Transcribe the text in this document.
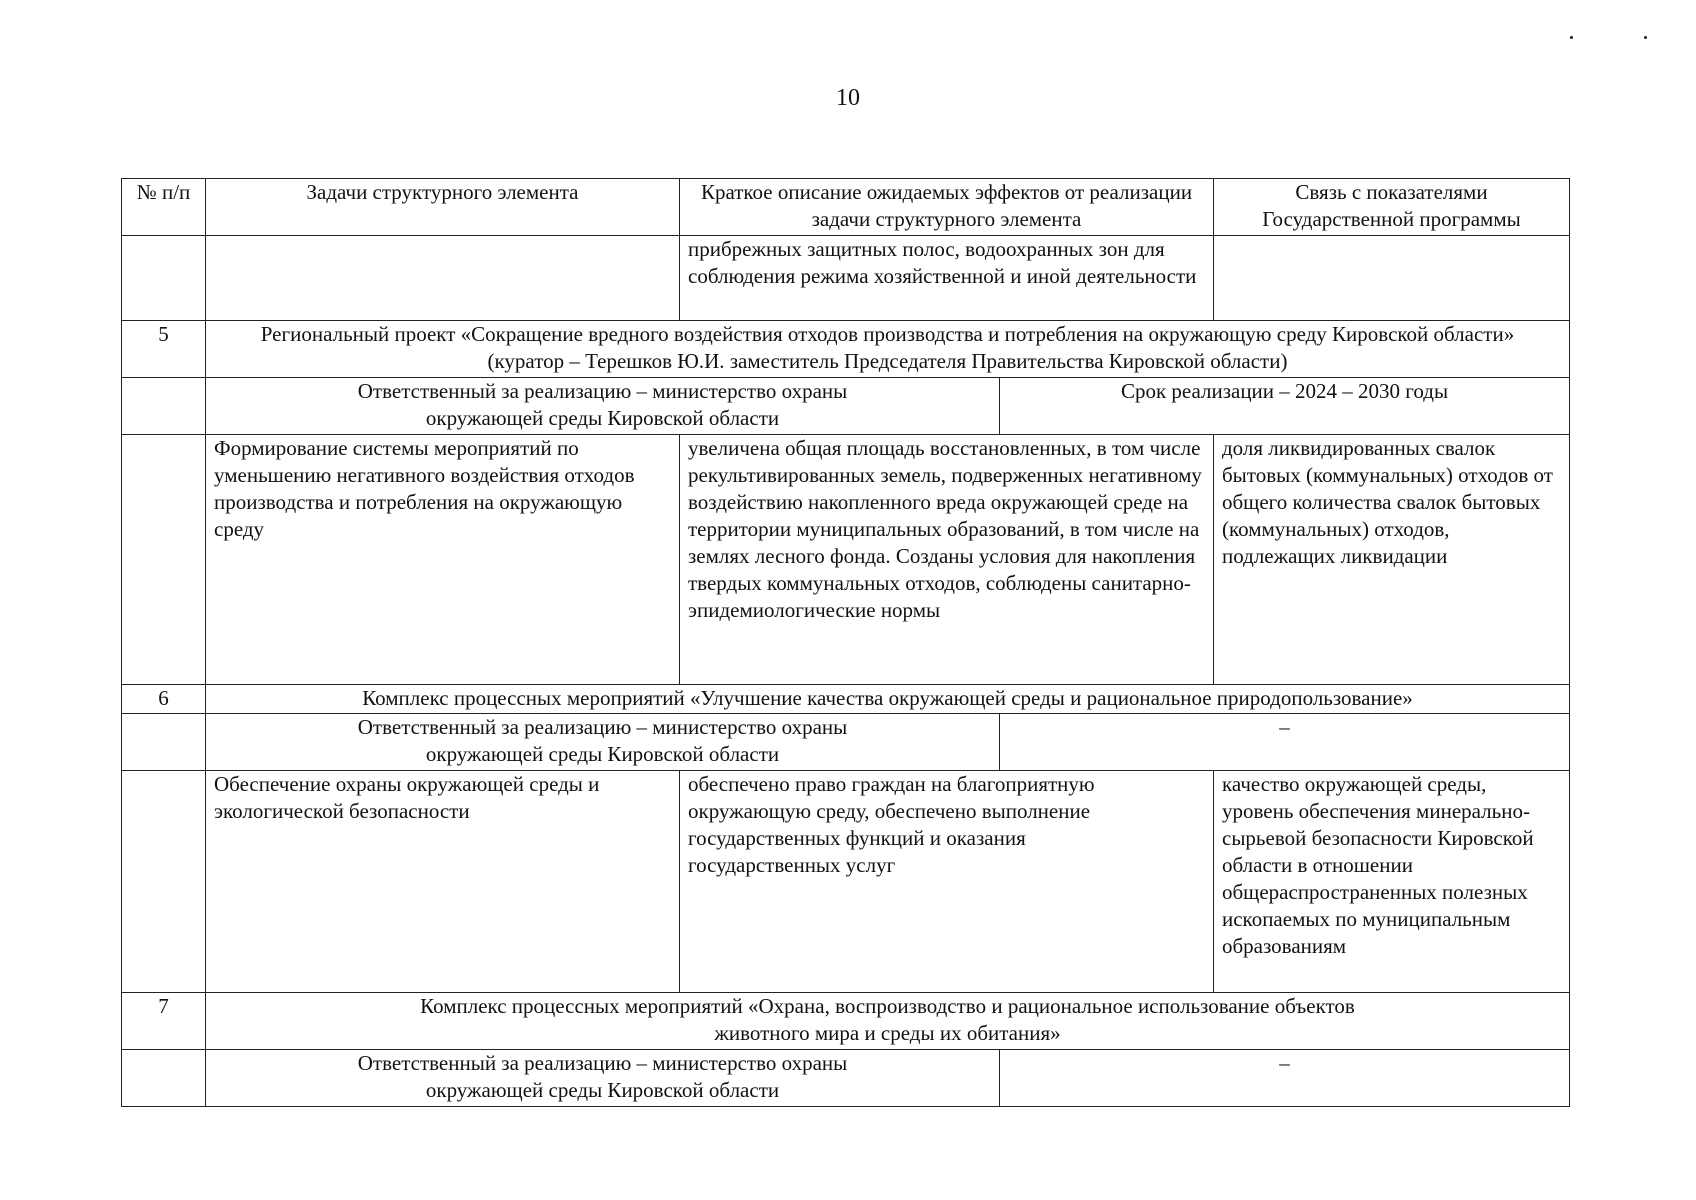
10
№ п/п	Задачи структурного элемента	Краткое описание ожидаемых эффектов от реализации задачи структурного элемента		Связь с показателями Государственной программы
		прибрежных защитных полос, водоохранных зон для соблюдения режима хозяйственной и иной деятельности		
5	Региональный проект «Сокращение вредного воздействия отходов производства и потребления на окружающую среду Кировской области» (куратор – Терешков Ю.И. заместитель Председателя Правительства Кировской области)			
	Ответственный за реализацию – министерство охраны окружающей среды Кировской области		Срок реализации – 2024 – 2030 годы	
	Формирование системы мероприятий по уменьшению негативного воздействия отходов производства и потребления на окружающую среду	увеличена общая площадь восстановленных, в том числе рекультивированных земель, подверженных негативному воздействию накопленного вреда окружающей среде на территории муниципальных образований, в том числе на землях лесного фонда. Созданы условия для накопления твердых коммунальных отходов, соблюдены санитарно-эпидемиологические нормы		доля ликвидированных свалок бытовых (коммунальных) отходов от общего количества свалок бытовых (коммунальных) отходов, подлежащих ликвидации
6	Комплекс процессных мероприятий «Улучшение качества окружающей среды и рациональное природопользование»			
	Ответственный за реализацию – министерство охраны окружающей среды Кировской области		–	
	Обеспечение охраны окружающей среды и экологической безопасности	обеспечено право граждан на благоприятную окружающую среду, обеспечено выполнение государственных функций и оказания государственных услуг		качество окружающей среды, уровень обеспечения минерально-сырьевой безопасности Кировской области в отношении общераспространенных полезных ископаемых по муниципальным образованиям
7	Комплекс процессных мероприятий «Охрана, воспроизводство и рациональное использование объектов животного мира и среды их обитания»			
	Ответственный за реализацию – министерство охраны окружающей среды Кировской области		–	
